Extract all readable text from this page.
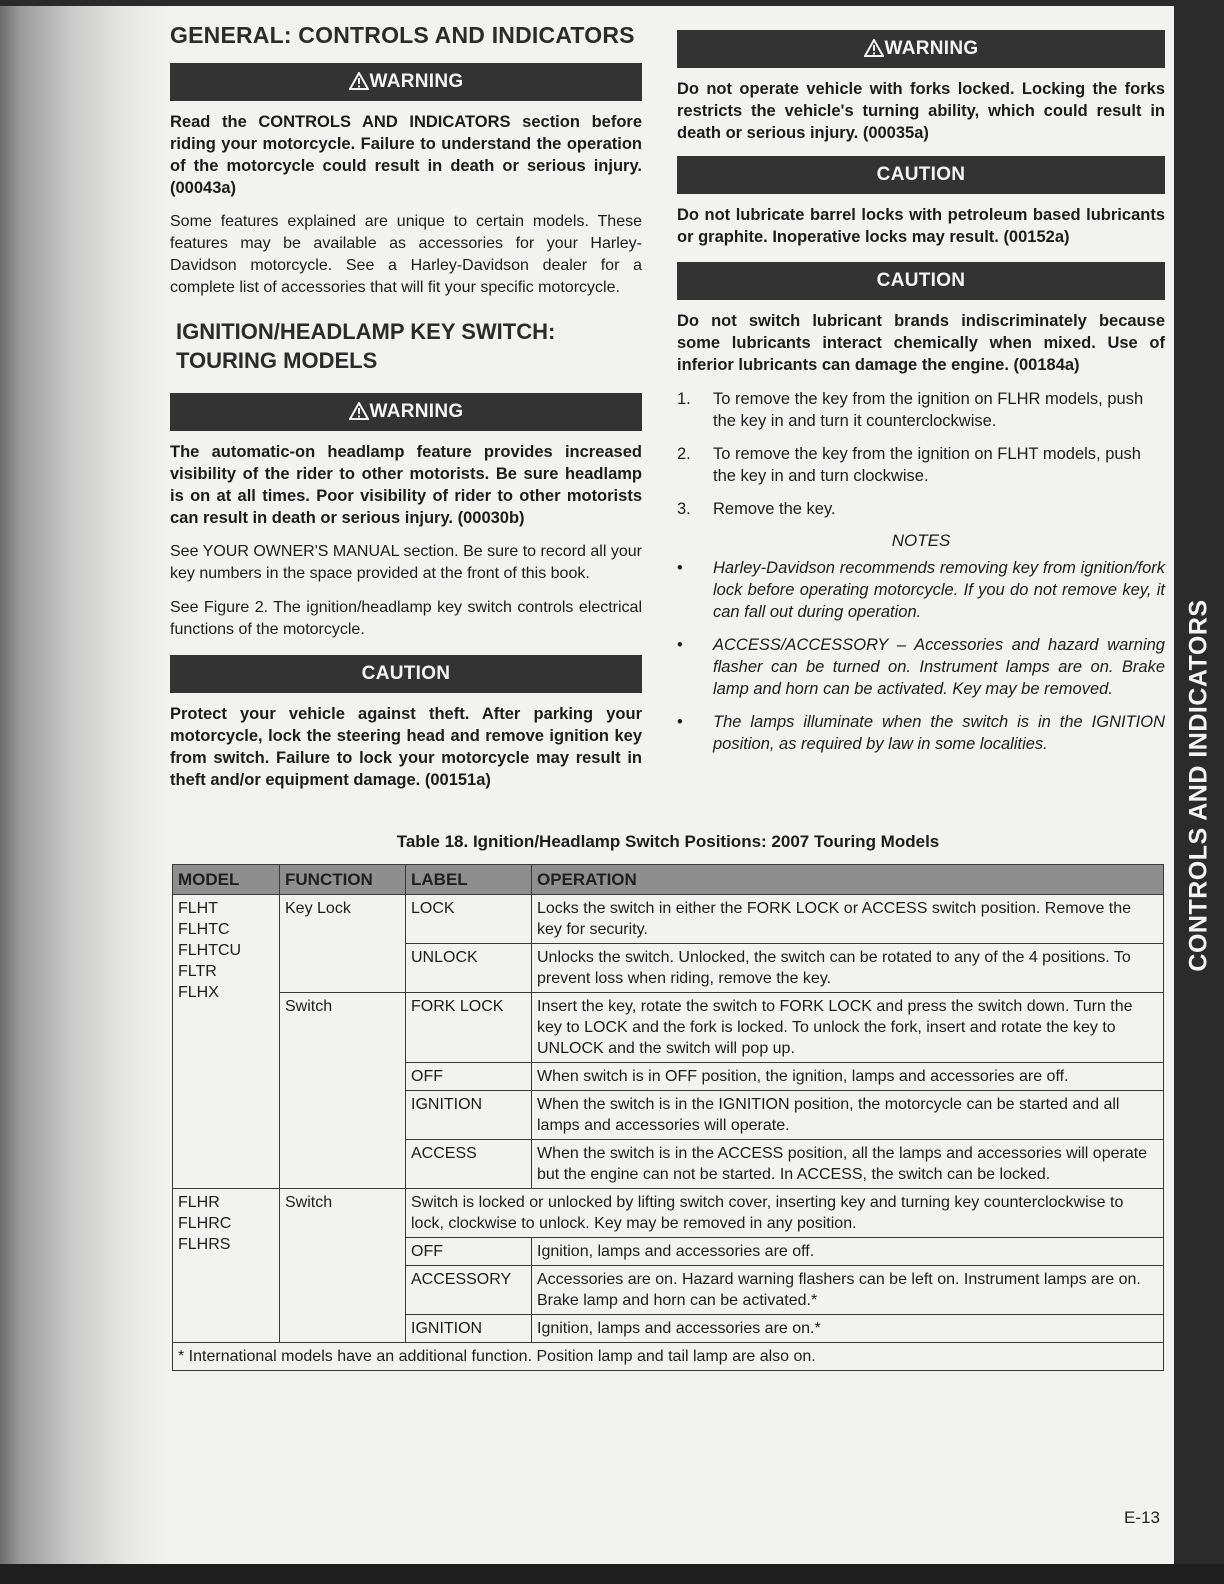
CONTROLS AND INDICATORS
GENERAL: CONTROLS AND INDICATORS
WARNING

Read the CONTROLS AND INDICATORS section before riding your motorcycle. Failure to understand the operation of the motorcycle could result in death or serious injury. (00043a)

Some features explained are unique to certain models. These features may be available as accessories for your Harley-Davidson motorcycle. See a Harley-Davidson dealer for a complete list of accessories that will fit your specific motorcycle.

IGNITION/HEADLAMP KEY SWITCH:
TOURING MODELS
WARNING

The automatic-on headlamp feature provides increased visibility of the rider to other motorists. Be sure headlamp is on at all times. Poor visibility of rider to other motorists can result in death or serious injury. (00030b)

See YOUR OWNER'S MANUAL section. Be sure to record all your key numbers in the space provided at the front of this book.

See Figure 2. The ignition/headlamp key switch controls electrical functions of the motorcycle.

CAUTION

Protect your vehicle against theft. After parking your motorcycle, lock the steering head and remove ignition key from switch. Failure to lock your motorcycle may result in theft and/or equipment damage. (00151a)

WARNING

Do not operate vehicle with forks locked. Locking the forks restricts the vehicle's turning ability, which could result in death or serious injury. (00035a)

CAUTION

Do not lubricate barrel locks with petroleum based lubricants or graphite. Inoperative locks may result. (00152a)

CAUTION

Do not switch lubricant brands indiscriminately because some lubricants interact chemically when mixed. Use of inferior lubricants can damage the engine. (00184a)

1.	To remove the key from the ignition on FLHR models, push the key in and turn it counterclockwise.
2.	To remove the key from the ignition on FLHT models, push the key in and turn clockwise.
3.	Remove the key.
NOTES
•	Harley-Davidson recommends removing key from ignition/fork lock before operating motorcycle. If you do not remove key, it can fall out during operation.
•	ACCESS/ACCESSORY – Accessories and hazard warning flasher can be turned on. Instrument lamps are on. Brake lamp and horn can be activated. Key may be removed.
•	The lamps illuminate when the switch is in the IGNITION position, as required by law in some localities.
Table 18. Ignition/Headlamp Switch Positions: 2007 Touring Models
MODEL	FUNCTION	LABEL	OPERATION

FLHT
FLHTC
FLHTCU
FLTR
FLHX	Key Lock	LOCK	Locks the switch in either the FORK LOCK or ACCESS switch position. Remove the key for security.
		UNLOCK	Unlocks the switch. Unlocked, the switch can be rotated to any of the 4 positions. To prevent loss when riding, remove the key.
	Switch	FORK LOCK	Insert the key, rotate the switch to FORK LOCK and press the switch down. Turn the key to LOCK and the fork is locked. To unlock the fork, insert and rotate the key to UNLOCK and the switch will pop up.
		OFF	When switch is in OFF position, the ignition, lamps and accessories are off.
		IGNITION	When the switch is in the IGNITION position, the motorcycle can be started and all lamps and accessories will operate.
		ACCESS	When the switch is in the ACCESS position, all the lamps and accessories will operate but the engine can not be started. In ACCESS, the switch can be locked.

FLHR
FLHRC
FLHRS	Switch	Switch is locked or unlocked by lifting switch cover, inserting key and turning key counterclockwise to lock, clockwise to unlock. Key may be removed in any position.	
		OFF	Ignition, lamps and accessories are off.
		ACCESSORY	Accessories are on. Hazard warning flashers can be left on. Instrument lamps are on. Brake lamp and horn can be activated.*
		IGNITION	Ignition, lamps and accessories are on.*
* International models have an additional function. Position lamp and tail lamp are also on.			
E-13
